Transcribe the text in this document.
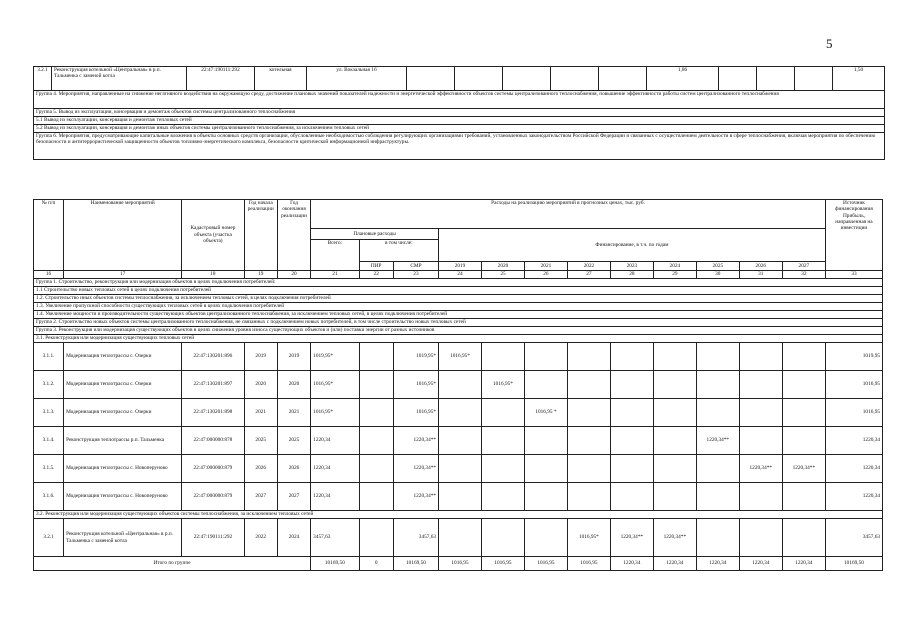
5
3.2.1	Реконструкция котельной «Центральная» в р.п. Тальменка с заменой котла	22:47:190111:292	котельная	ул. Вокзальная 16						1,86				1,50
Группа 4. Мероприятия, направленные на снижение негативного воздействия на окружающую среду, достижение плановых значений показателей надежности и энергетической эффективности объектов системы централизованного теплоснабжения, повышение эффективности работы систем централизованного теплоснабжения
Группа 5. Вывод из эксплуатации, консервация и демонтаж объектов системы централизованного теплоснабжения
5.1 Вывод из эксплуатации, консервация и демонтаж тепловых сетей
5.2 Вывод из эксплуатации, консервация и демонтаж иных объектов системы централизованного теплоснабжения, за исключением тепловых сетей
Группа 6. Мероприятия, предусматривающие капитальные вложения в объекты основных средств организации, обусловленные необходимостью соблюдения регулирующих организациями требований, установленных законодательством Российской Федерации и связанных с осуществлением деятельности в сфере теплоснабжения, включая мероприятия по обеспечению безопасности и антитеррористической защищенности объектов топливно-энергетического комплекса, безопасности критической информационной инфраструктуры.
№ п/п	Наименование мероприятий	Кадастровый номер объекта (участка объекта)	Год начала реализации	Год окончания реализации	Расходы на реализацию мероприятий в прогнозных ценах, тыс. руб.												Источник финансирования Прибыль, направленная на инвестиции
					Плановые расходы			Финансирование, в т.ч. по годам									
					Всего:	в том числе:											
						ПИР	СМР	2019	2020	2021	2022	2023	2024	2025	2026	2027	
16	17	18	19	20	21	22	23	24	25	26	27	28	29	30	31	32	33
Группа 1. Строительство, реконструкция или модернизация объектов в целях подключения потребителей:																	
1.1 Строительство новых тепловых сетей в целях подключения потребителей																	
1.2. Строительство иных объектов системы теплоснабжения, за исключением тепловых сетей, в целях подключения потребителей																	
1.3. Увеличение пропускной способности существующих тепловых сетей в целях подключения потребителей																	
1.4. Увеличение мощности и производительности существующих объектов централизованного теплоснабжения, за исключением тепловых сетей, в целях подключения потребителей																	
Группа 2. Строительство новых объектов системы централизованного теплоснабжения, не связанных с подключением новых потребителей, в том числе строительство новых тепловых сетей																	
Группа 3. Реконструкция или модернизация существующих объектов в целях снижения уровня износа существующих объектов и (или) поставки энергии от разных источников																	
3.1. Реконструкция или модернизация существующих тепловых сетей																	
3.1.1.	Модернизация теплотрассы с. Озерки	22:47:130201:896	2019	2019	1019,95*		1019,95*	1016,95*									1019,95
3.1.2.	Модернизация теплотрассы с. Озерки	22:47:130201:897	2020	2020	1016,95*		1016,95*		1016,95*								1016,95
3.1.3.	Модернизация теплотрассы с. Озерки	22:47:130201:898	2021	2021	1016,95*		1016,95*			1016,95 *							1016,95
3.1.4.	Реконструкция теплотрассы р.п. Тальменка	22:47:000000:878	2025	2025	1220,34		1220,34**							1220,34**			1220,34
3.1.5.	Модернизация теплотрассы с. Новоперуново	22:47:000000:879	2026	2026	1220,34		1220,34**								1220,34**	1220,34**	1220,34
3.1.6.	Модернизация теплотрассы с. Новоперуново	22:47:000000:879	2027	2027	1220,34		1220,34**										1220,34
3.2. Реконструкция или модернизация существующих объектов системы теплоснабжения, за исключением тепловых сетей																	
3.2.1	Реконструкция котельной «Центральная» в р.п. Тальменка с заменой котла	22:47:190111:292	2022	2024	3457,63		3457,63				1016,95*	1220,34**	1220,34**				3457,63
Итого по группе					10169,50	0	10169,50	1016,95	1016,95	1016,95	1016,95	1220,34	1220,34	1220,34	1220,34	1220,34	10169,50
